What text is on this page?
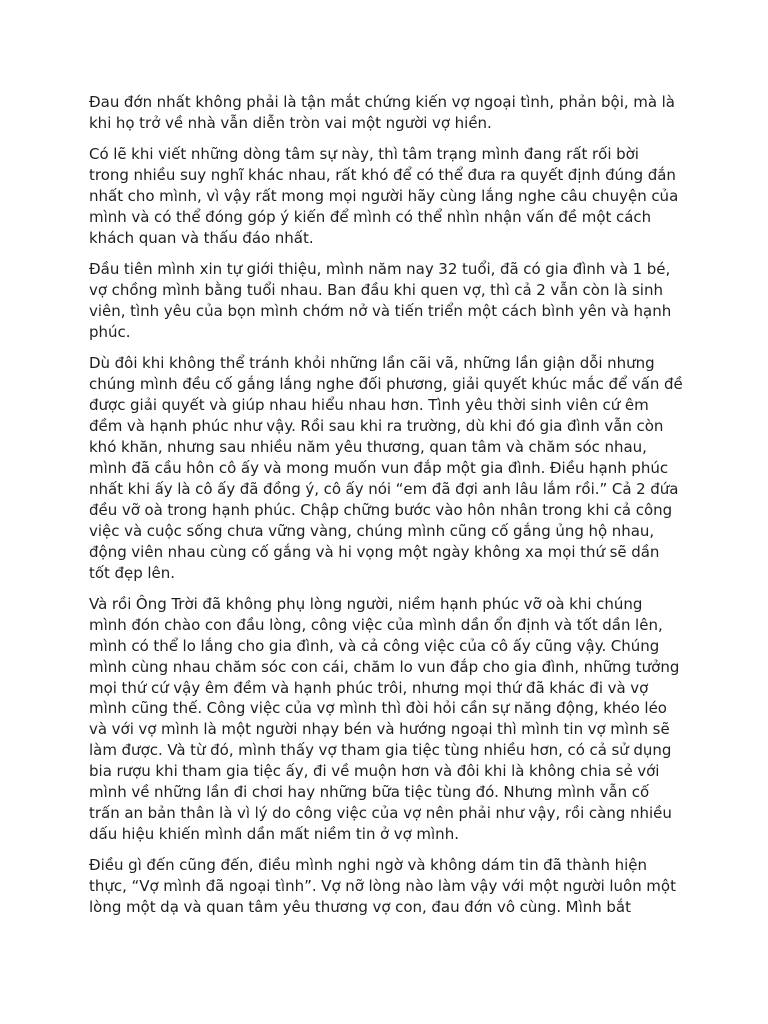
Đau đớn nhất không phải là tận mắt chứng kiến vợ ngoại tình, phản bội, mà là khi họ trở về nhà vẫn diễn tròn vai một người vợ hiền.

Có lẽ khi viết những dòng tâm sự này, thì tâm trạng mình đang rất rối bời trong nhiều suy nghĩ khác nhau, rất khó để có thể đưa ra quyết định đúng đắn nhất cho mình, vì vậy rất mong mọi người hãy cùng lắng nghe câu chuyện của mình và có thể đóng góp ý kiến để mình có thể nhìn nhận vấn đề một cách khách quan và thấu đáo nhất.

Đầu tiên mình xin tự giới thiệu, mình năm nay 32 tuổi, đã có gia đình và 1 bé, vợ chồng mình bằng tuổi nhau. Ban đầu khi quen vợ, thì cả 2 vẫn còn là sinh viên, tình yêu của bọn mình chớm nở và tiến triển một cách bình yên và hạnh phúc.

Dù đôi khi không thể tránh khỏi những lần cãi vã, những lần giận dỗi nhưng chúng mình đều cố gắng lắng nghe đối phương, giải quyết khúc mắc để vấn đề được giải quyết và giúp nhau hiểu nhau hơn. Tình yêu thời sinh viên cứ êm đềm và hạnh phúc như vậy. Rồi sau khi ra trường, dù khi đó gia đình vẫn còn khó khăn, nhưng sau nhiều năm yêu thương, quan tâm và chăm sóc nhau, mình đã cầu hôn cô ấy và mong muốn vun đắp một gia đình. Điều hạnh phúc nhất khi ấy là cô ấy đã đồng ý, cô ấy nói “em đã đợi anh lâu lắm rồi.” Cả 2 đứa đều vỡ oà trong hạnh phúc. Chập chững bước vào hôn nhân trong khi cả công việc và cuộc sống chưa vững vàng, chúng mình cũng cố gắng ủng hộ nhau, động viên nhau cùng cố gắng và hi vọng một ngày không xa mọi thứ sẽ dần tốt đẹp lên.

Và rồi Ông Trời đã không phụ lòng người, niềm hạnh phúc vỡ oà khi chúng mình đón chào con đầu lòng, công việc của mình dần ổn định và tốt dần lên, mình có thể lo lắng cho gia đình, và cả công việc của cô ấy cũng vậy. Chúng mình cùng nhau chăm sóc con cái, chăm lo vun đắp cho gia đình, những tưởng mọi thứ cứ vậy êm đềm và hạnh phúc trôi, nhưng mọi thứ đã khác đi và vợ mình cũng thế. Công việc của vợ mình thì đòi hỏi cần sự năng động, khéo léo và với vợ mình là một người nhạy bén và hướng ngoại thì mình tin vợ mình sẽ làm được. Và từ đó, mình thấy vợ tham gia tiệc tùng nhiều hơn, có cả sử dụng bia rượu khi tham gia tiệc ấy, đi về muộn hơn và đôi khi là không chia sẻ với mình về những lần đi chơi hay những bữa tiệc tùng đó. Nhưng mình vẫn cố trấn an bản thân là vì lý do công việc của vợ nên phải như vậy, rồi càng nhiều dấu hiệu khiến mình dần mất niềm tin ở vợ mình.

Điều gì đến cũng đến, điều mình nghi ngờ và không dám tin đã thành hiện thực, “Vợ mình đã ngoại tình”. Vợ nỡ lòng nào làm vậy với một người luôn một lòng một dạ và quan tâm yêu thương vợ con, đau đớn vô cùng. Mình bắt
